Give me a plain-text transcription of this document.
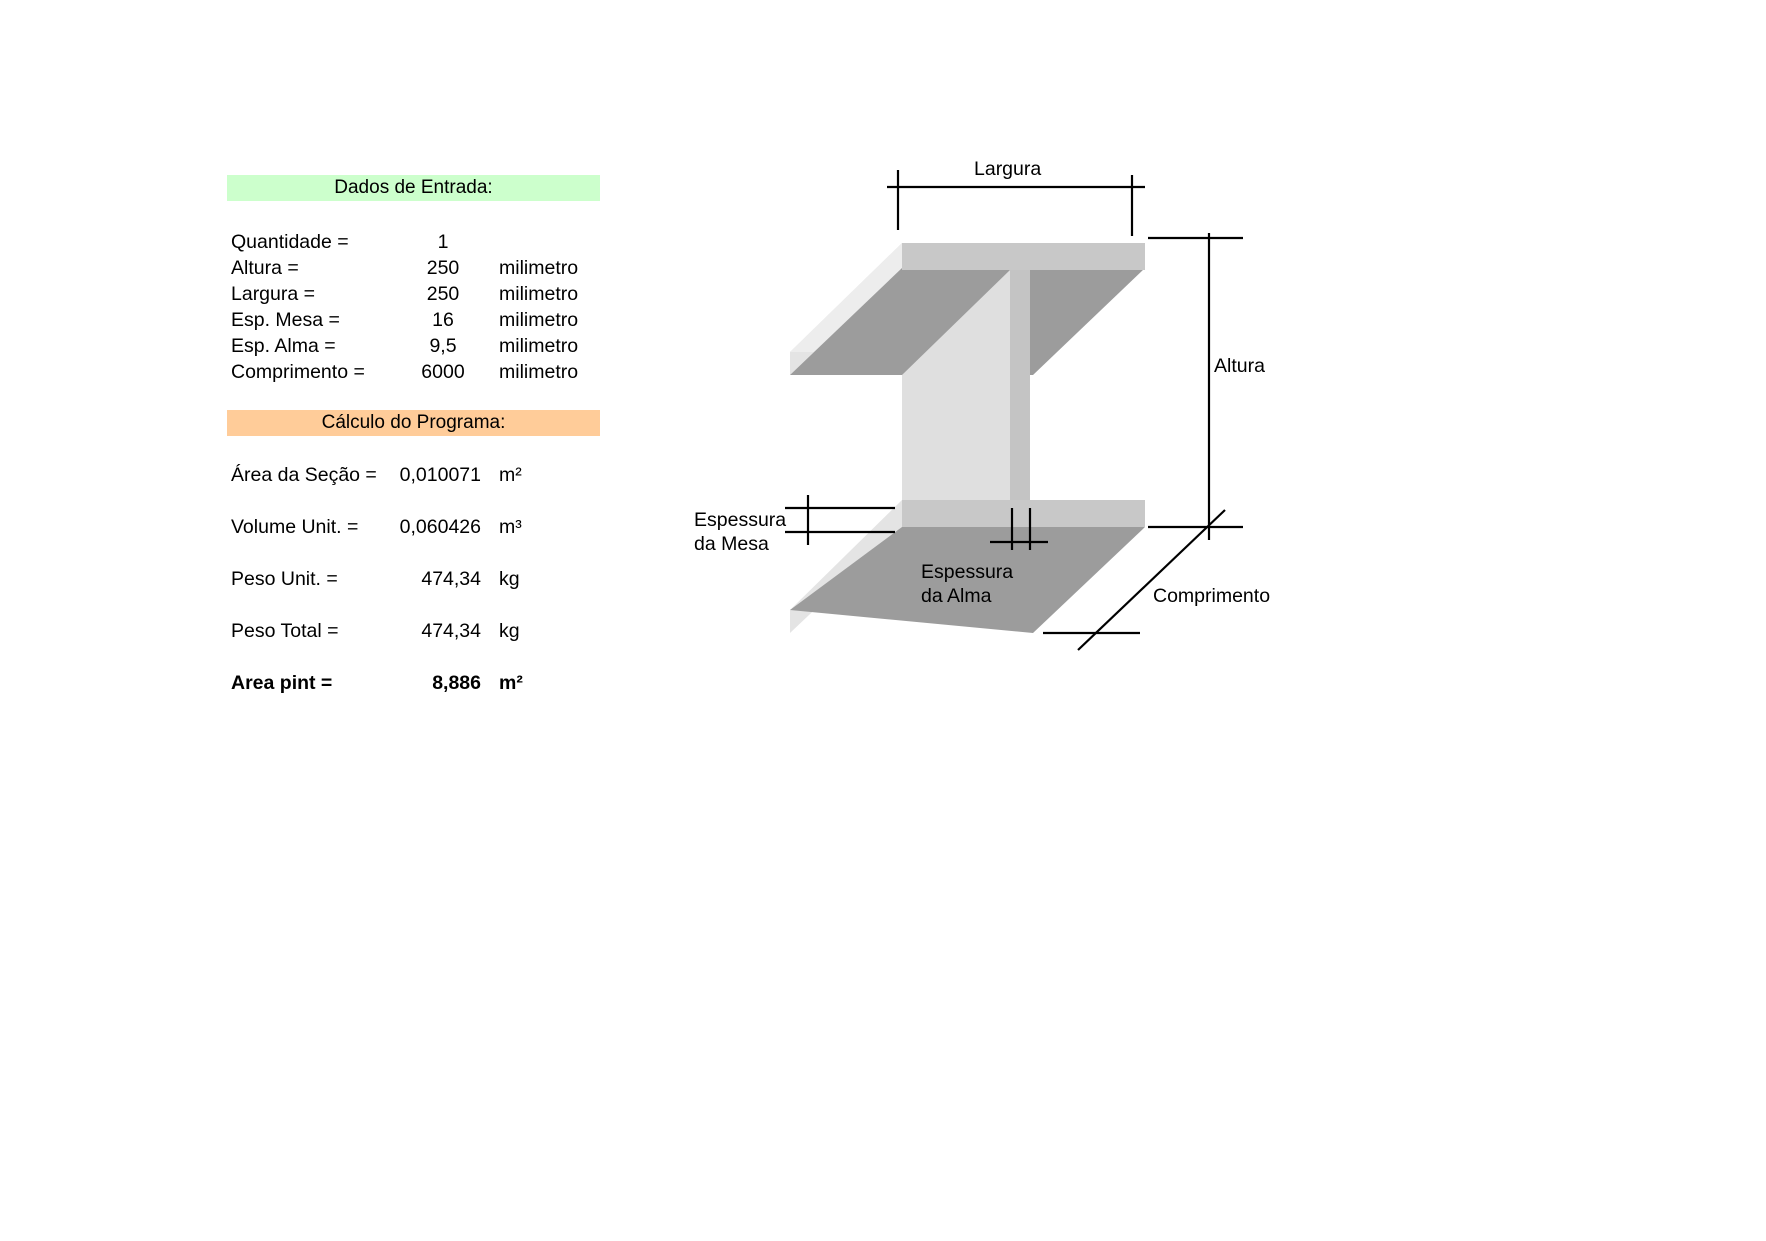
Dados de Entrada:
Quantidade =	1
Altura =	250	milimetro
Largura =	250	milimetro
Esp. Mesa =	16	milimetro
Esp. Alma =	9,5	milimetro
Comprimento =	6000	milimetro
Cálculo do Programa:
Área da Seção =	0,010071 m²
Volume Unit. =	0,060426 m³
Peso Unit. =	474,34 kg
Peso Total =	474,34 kg
Area pint =	8,886 m²
Largura
Altura
Espessura
da Mesa
Espessura
da Alma	Comprimento
